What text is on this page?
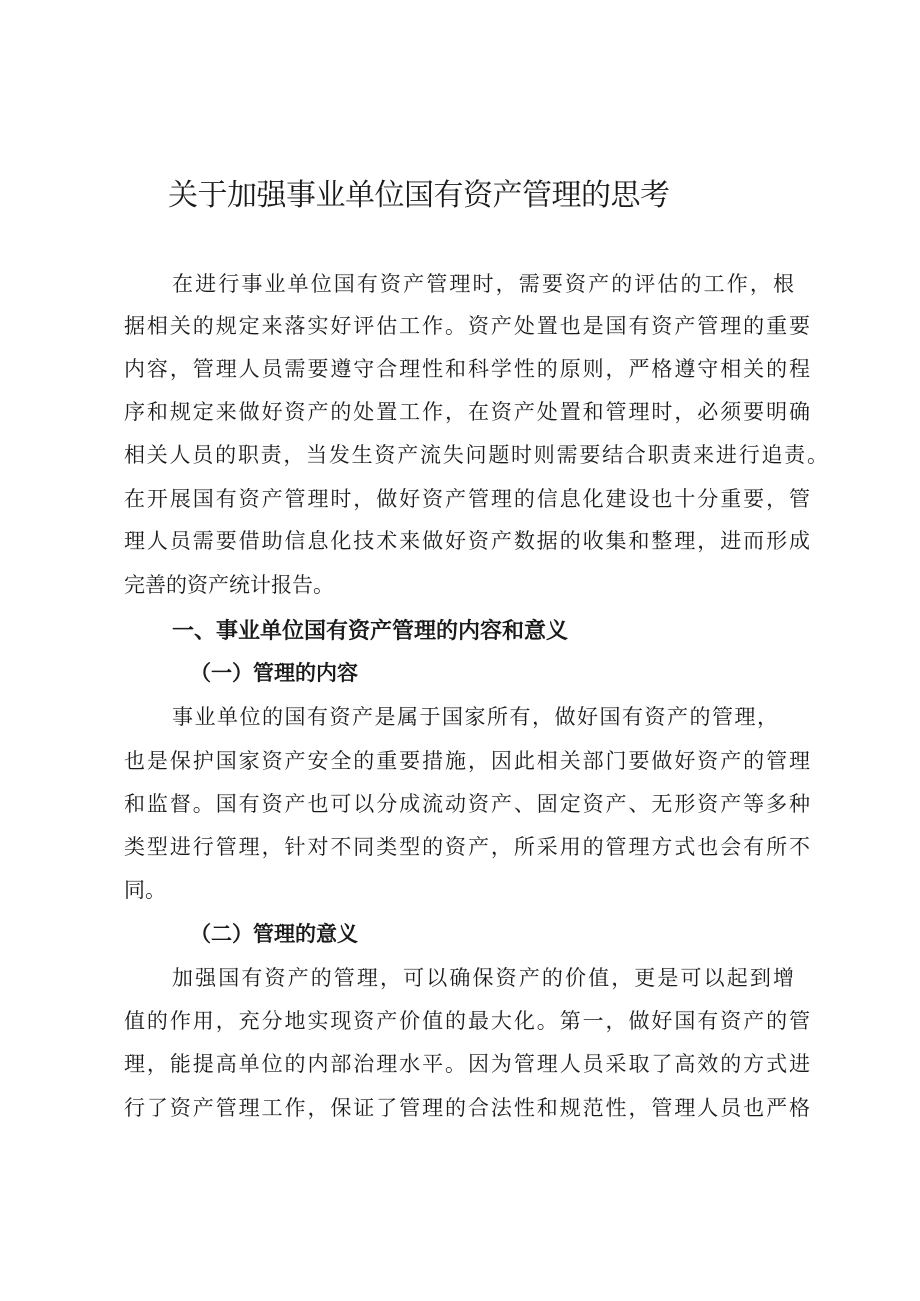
关于加强事业单位国有资产管理的思考

在进行事业单位国有资产管理时，需要资产的评估的工作，根

据相关的规定来落实好评估工作。资产处置也是国有资产管理的重要

内容，管理人员需要遵守合理性和科学性的原则，严格遵守相关的程

序和规定来做好资产的处置工作，在资产处置和管理时，必须要明确

相关人员的职责，当发生资产流失问题时则需要结合职责来进行追责。

在开展国有资产管理时，做好资产管理的信息化建设也十分重要，管

理人员需要借助信息化技术来做好资产数据的收集和整理，进而形成

完善的资产统计报告。

一、事业单位国有资产管理的内容和意义
（一）管理的内容

事业单位的国有资产是属于国家所有，做好国有资产的管理，

也是保护国家资产安全的重要措施，因此相关部门要做好资产的管理

和监督。国有资产也可以分成流动资产、固定资产、无形资产等多种

类型进行管理，针对不同类型的资产，所采用的管理方式也会有所不

同。

（二）管理的意义

加强国有资产的管理，可以确保资产的价值，更是可以起到增

值的作用，充分地实现资产价值的最大化。第一，做好国有资产的管

理，能提高单位的内部治理水平。因为管理人员采取了高效的方式进

行了资产管理工作，保证了管理的合法性和规范性，管理人员也严格
